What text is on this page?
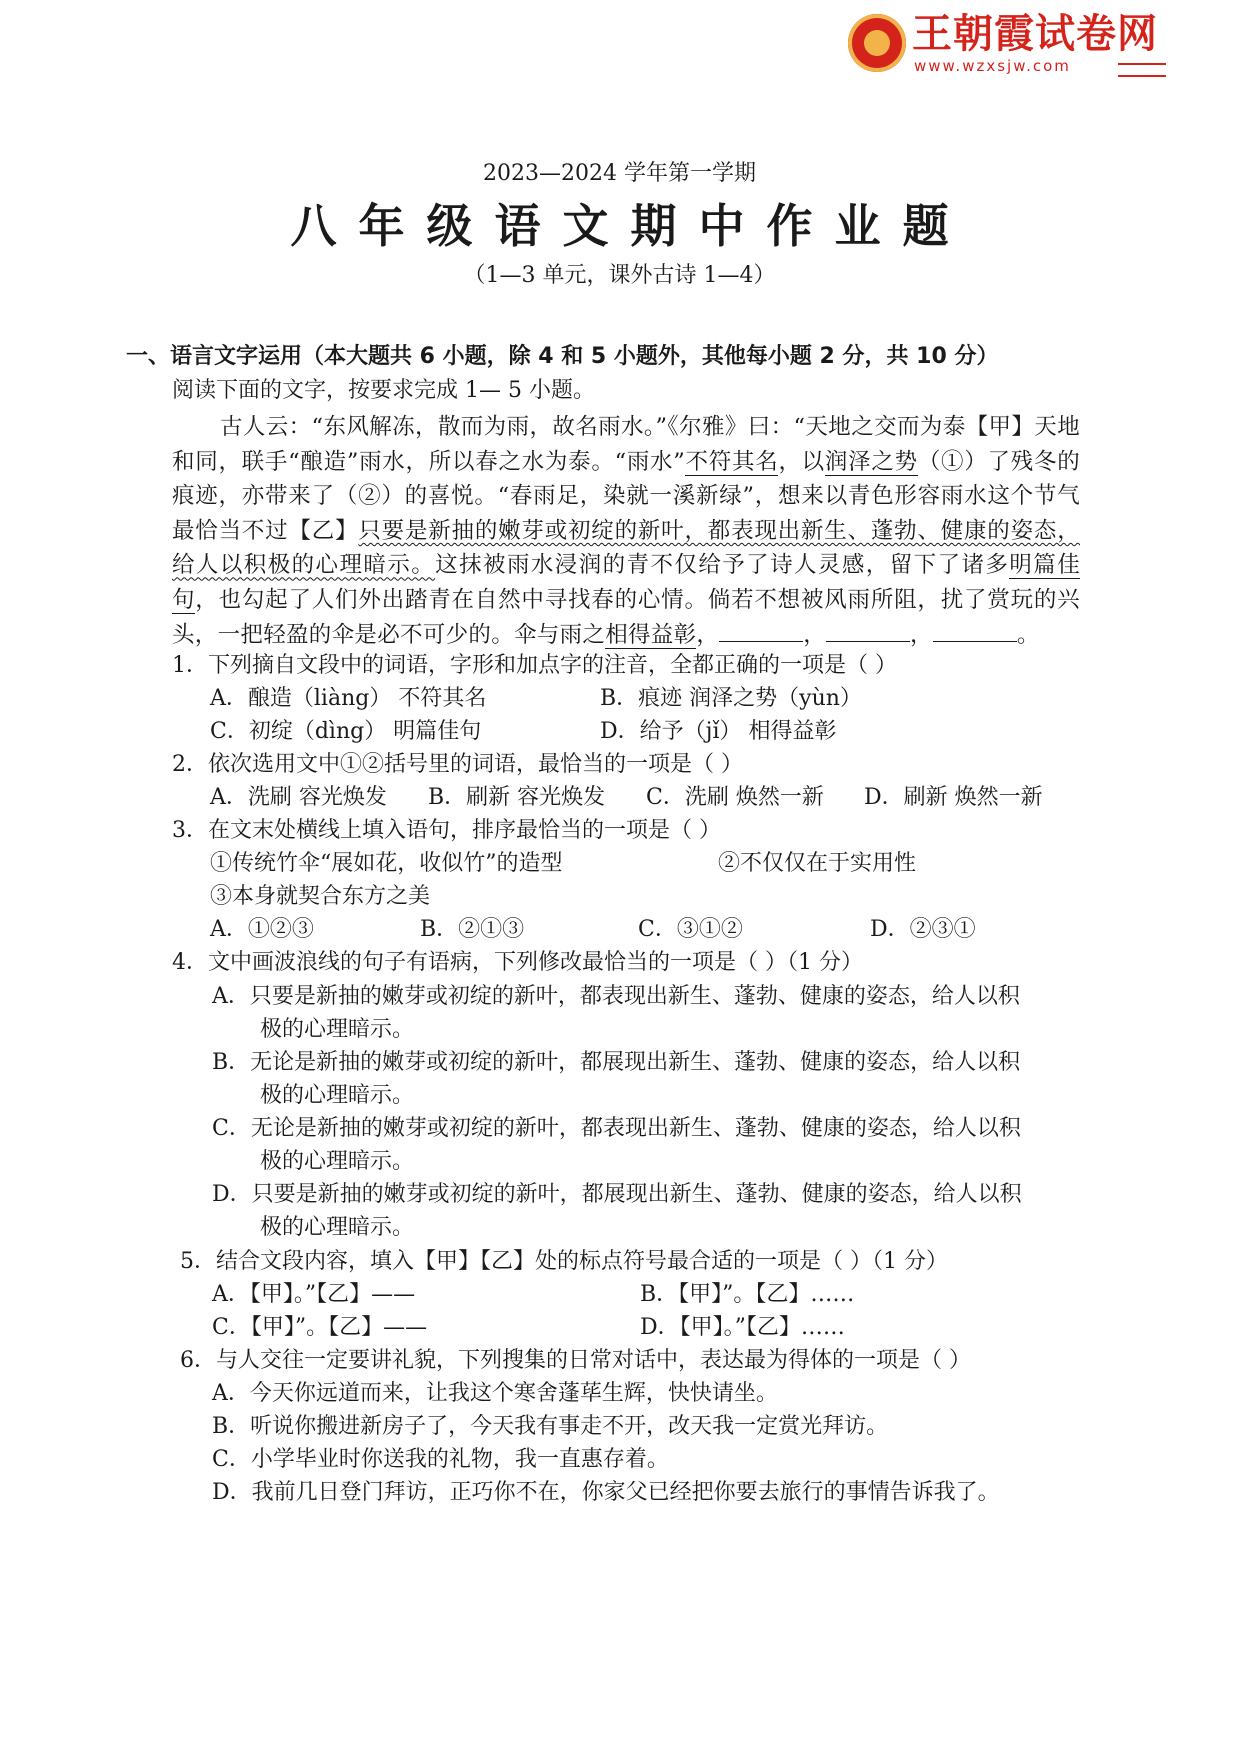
王朝霞试卷网
www.wzxsjw.com
2023—2024 学年第一学期
八年级语文期中作业题
（1—3 单元，课外古诗 1—4）
一、语言文字运用（本大题共 6 小题，除 4 和 5 小题外，其他每小题 2 分，共 10 分）
阅读下面的文字，按要求完成 1— 5 小题。
古人云：“东风解冻，散而为雨，故名雨水。”《尔雅》曰：“天地之交而为泰【甲】天地和同，联手“酿造”雨水，所以春之水为泰。“雨水”不符其名，以润泽之势（①）了残冬的痕迹，亦带来了（②）的喜悦。“春雨足，染就一溪新绿”，想来以青色形容雨水这个节气最恰当不过【乙】只要是新抽的嫩芽或初绽的新叶，都表现出新生、蓬勃、健康的姿态，给人以积极的心理暗示。这抹被雨水浸润的青不仅给予了诗人灵感，留下了诸多明篇佳句，也勾起了人们外出踏青在自然中寻找春的心情。倘若不想被风雨所阻，扰了赏玩的兴头，一把轻盈的伞是必不可少的。伞与雨之相得益彰，	，	，	。
1．下列摘自文段中的词语，字形和加点字的注音，全都正确的一项是（ ）
A．酿造（liàng） 不符其名	B．痕迹 润泽之势（yùn）
C．初绽（dìng） 明篇佳句	D．给予（jǐ） 相得益彰
2．依次选用文中①②括号里的词语，最恰当的一项是（ ）
A．洗刷 容光焕发 B．刷新 容光焕发 C．洗刷 焕然一新 D．刷新 焕然一新
3．在文末处横线上填入语句，排序最恰当的一项是（ ）
①传统竹伞“展如花，收似竹”的造型	②不仅仅在于实用性
③本身就契合东方之美
A．①②③	B．②①③	C．③①②	D．②③①
4．文中画波浪线的句子有语病，下列修改最恰当的一项是（ ）（1 分）
A．只要是新抽的嫩芽或初绽的新叶，都表现出新生、蓬勃、健康的姿态，给人以积
极的心理暗示。
B．无论是新抽的嫩芽或初绽的新叶，都展现出新生、蓬勃、健康的姿态，给人以积
极的心理暗示。
C．无论是新抽的嫩芽或初绽的新叶，都表现出新生、蓬勃、健康的姿态，给人以积
极的心理暗示。
D．只要是新抽的嫩芽或初绽的新叶，都展现出新生、蓬勃、健康的姿态，给人以积
极的心理暗示。
5．结合文段内容，填入【甲】【乙】处的标点符号最合适的一项是（ ）（1 分）
A．【甲】。”【乙】——	B．【甲】”。【乙】……
C．【甲】”。【乙】——	D．【甲】。”【乙】……
6．与人交往一定要讲礼貌，下列搜集的日常对话中，表达最为得体的一项是（ ）
A．今天你远道而来，让我这个寒舍蓬荜生辉，快快请坐。
B．听说你搬进新房子了，今天我有事走不开，改天我一定赏光拜访。
C．小学毕业时你送我的礼物，我一直惠存着。
D．我前几日登门拜访，正巧你不在，你家父已经把你要去旅行的事情告诉我了。
